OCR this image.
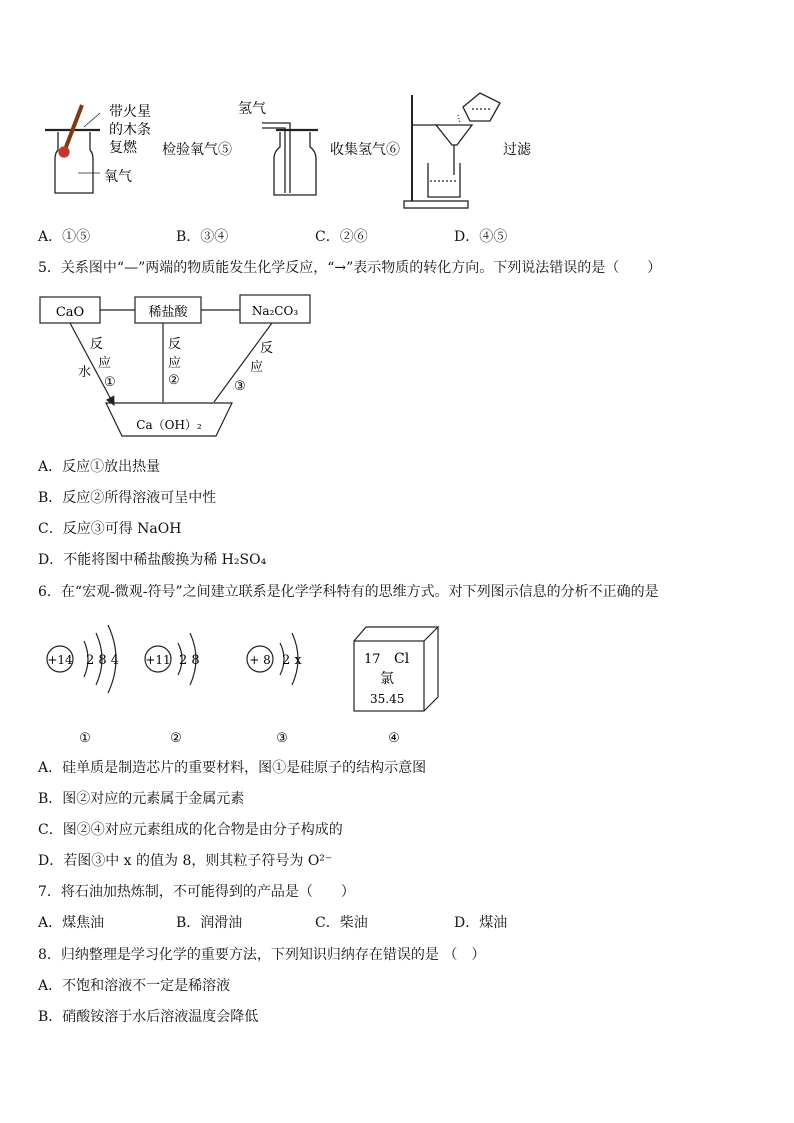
带火星
的木条
复燃
氧气
检验氧气⑤
氢气
收集氢气⑥	过滤
A．①⑤	B．③④	C．②⑥	D．④⑤
5．关系图中“—”两端的物质能发生化学反应，“→”表示物质的转化方向。下列说法错误的是（　　）
CaO	稀盐酸	Na₂CO₃
Ca（OH）₂
水
反
应
①
反
应
②
反
应
③
A．反应①放出热量
B．反应②所得溶液可呈中性
C．反应③可得 NaOH
D．不能将图中稀盐酸换为稀 H₂SO₄
6．在“宏观-微观-符号”之间建立联系是化学学科特有的思维方式。对下列图示信息的分析不正确的是
+14 2 8 4 +11 2 8	+ 8 2 x	17 Cl
氯
35.45
①	②	③	④
A．硅单质是制造芯片的重要材料，图①是硅原子的结构示意图
B．图②对应的元素属于金属元素
C．图②④对应元素组成的化合物是由分子构成的
D．若图③中 x 的值为 8，则其粒子符号为 O²⁻
7．将石油加热炼制，不可能得到的产品是（　　）
A．煤焦油	B．润滑油	C．柴油	D．煤油
8．归纳整理是学习化学的重要方法，下列知识归纳存在错误的是 （　）
A．不饱和溶液不一定是稀溶液
B．硝酸铵溶于水后溶液温度会降低
